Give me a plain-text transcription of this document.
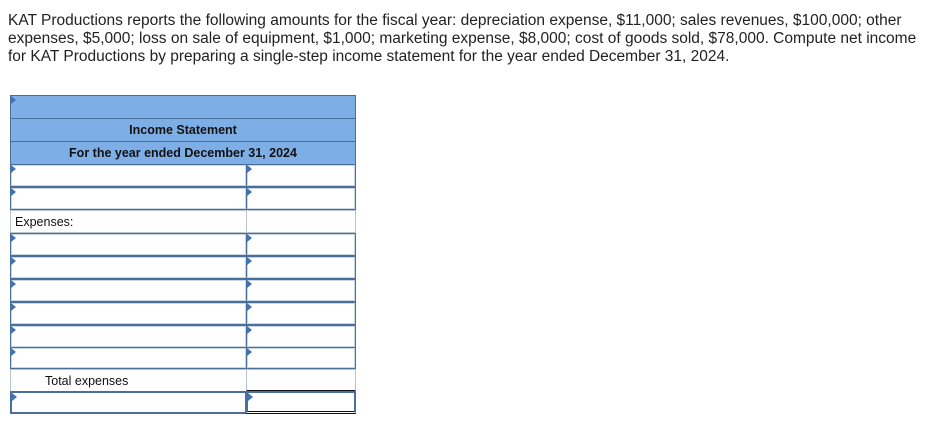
KAT Productions reports the following amounts for the fiscal year: depreciation expense, $11,000; sales revenues, $100,000; other expenses, $5,000; loss on sale of equipment, $1,000; marketing expense, $8,000; cost of goods sold, $78,000. Compute net income for KAT Productions by preparing a single-step income statement for the year ended December 31, 2024.
Income Statement
For the year ended December 31, 2024
Expenses:
Total expenses
